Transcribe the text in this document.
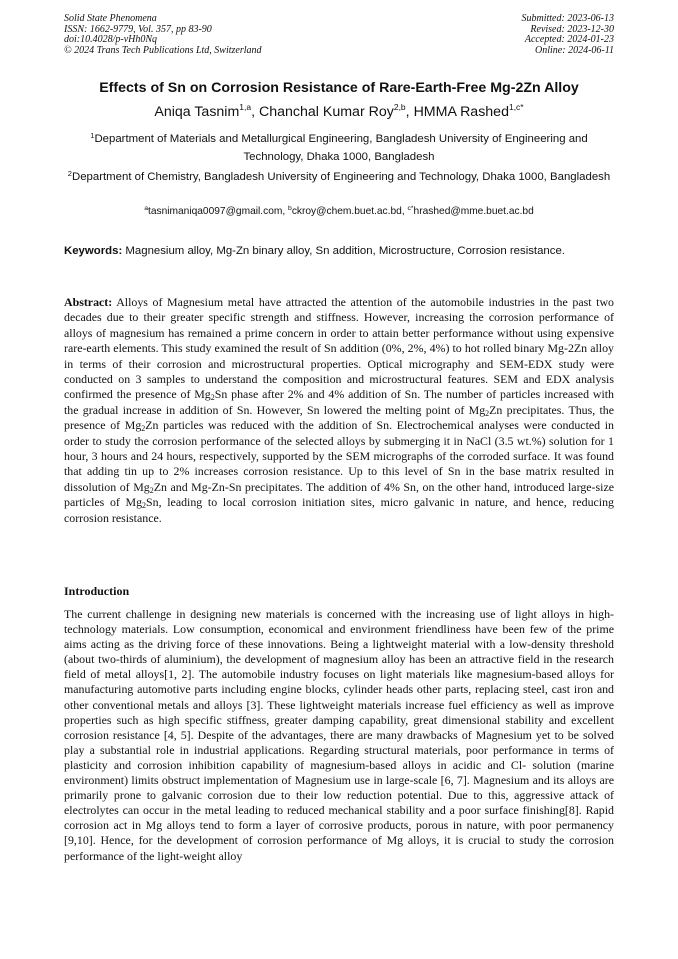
Solid State Phenomena
ISSN: 1662-9779, Vol. 357, pp 83-90
doi:10.4028/p-vHh0Nq
© 2024 Trans Tech Publications Ltd, Switzerland
Submitted: 2023-06-13
Revised: 2023-12-30
Accepted: 2024-01-23
Online: 2024-06-11
Effects of Sn on Corrosion Resistance of Rare-Earth-Free Mg-2Zn Alloy
Aniqa Tasnim$^{1,a}$, Chanchal Kumar Roy$^{2,b}$, HMMA Rashed$^{1,c*}$
$^1$Department of Materials and Metallurgical Engineering, Bangladesh University of Engineering and Technology, Dhaka 1000, Bangladesh
$^2$Department of Chemistry, Bangladesh University of Engineering and Technology, Dhaka 1000, Bangladesh
$^a$tasnimaniqa0097@gmail.com, $^b$ckroy@chem.buet.ac.bd, $^{c*}$hrashed@mme.buet.ac.bd
Keywords: Magnesium alloy, Mg-Zn binary alloy, Sn addition, Microstructure, Corrosion resistance.
Abstract: Alloys of Magnesium metal have attracted the attention of the automobile industries in the past two decades due to their greater specific strength and stiffness. However, increasing the corrosion performance of alloys of magnesium has remained a prime concern in order to attain better performance without using expensive rare-earth elements. This study examined the result of Sn addition (0%, 2%, 4%) to hot rolled binary Mg-2Zn alloy in terms of their corrosion and microstructural properties. Optical micrography and SEM-EDX study were conducted on 3 samples to understand the composition and microstructural features. SEM and EDX analysis confirmed the presence of $Mg_2Sn$ phase after 2% and 4% addition of Sn. The number of particles increased with the gradual increase in addition of Sn. However, Sn lowered the melting point of $Mg_2Zn$ precipitates. Thus, the presence of $Mg_2Zn$ particles was reduced with the addition of Sn. Electrochemical analyses were conducted in order to study the corrosion performance of the selected alloys by submerging it in NaCl (3.5 wt.%) solution for 1 hour, 3 hours and 24 hours, respectively, supported by the SEM micrographs of the corroded surface. It was found that adding tin up to 2% increases corrosion resistance. Up to this level of Sn in the base matrix resulted in dissolution of $Mg_2Zn$ and Mg-Zn-Sn precipitates. The addition of 4% Sn, on the other hand, introduced large-size particles of $Mg_2Sn$, leading to local corrosion initiation sites, micro galvanic in nature, and hence, reducing corrosion resistance.
Introduction
The current challenge in designing new materials is concerned with the increasing use of light alloys in high-technology materials. Low consumption, economical and environment friendliness have been few of the prime aims acting as the driving force of these innovations. Being a lightweight material with a low-density threshold (about two-thirds of aluminium), the development of magnesium alloy has been an attractive field in the research field of metal alloys[1, 2]. The automobile industry focuses on light materials like magnesium-based alloys for manufacturing automotive parts including engine blocks, cylinder heads other parts, replacing steel, cast iron and other conventional metals and alloys [3]. These lightweight materials increase fuel efficiency as well as improve properties such as high specific stiffness, greater damping capability, great dimensional stability and excellent corrosion resistance [4, 5]. Despite of the advantages, there are many drawbacks of Magnesium yet to be solved play a substantial role in industrial applications. Regarding structural materials, poor performance in terms of plasticity and corrosion inhibition capability of magnesium-based alloys in acidic and Cl- solution (marine environment) limits obstruct implementation of Magnesium use in large-scale [6, 7]. Magnesium and its alloys are primarily prone to galvanic corrosion due to their low reduction potential. Due to this, aggressive attack of electrolytes can occur in the metal leading to reduced mechanical stability and a poor surface finishing[8]. Rapid corrosion act in Mg alloys tend to form a layer of corrosive products, porous in nature, with poor permanency [9,10]. Hence, for the development of corrosion performance of Mg alloys, it is crucial to study the corrosion performance of the light-weight alloy
